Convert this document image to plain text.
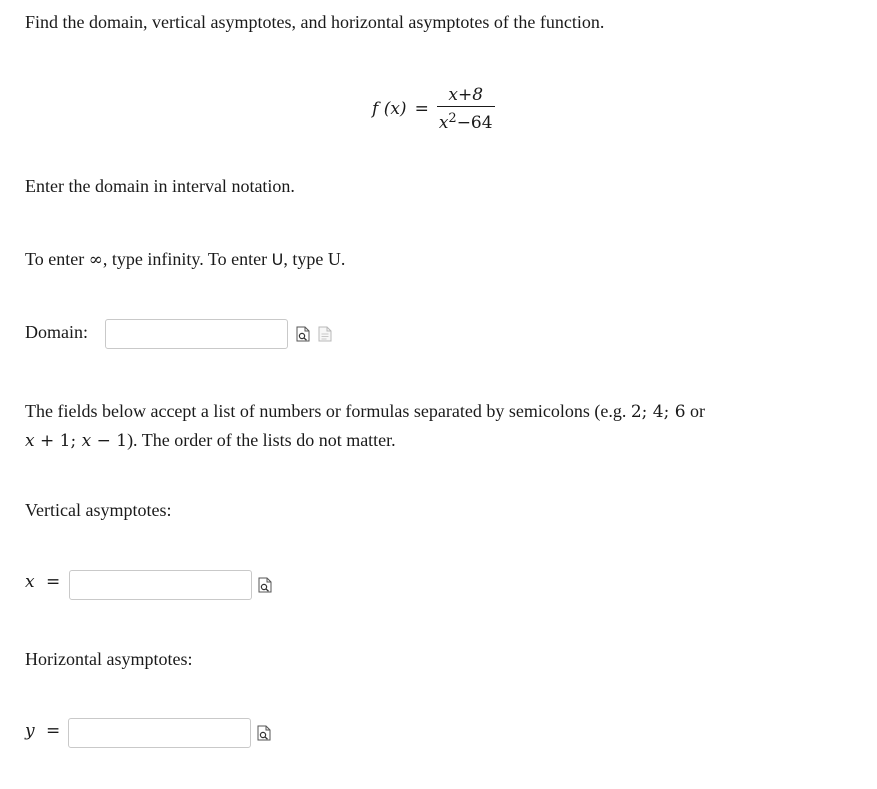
Find the domain, vertical asymptotes, and horizontal asymptotes of the function.
f $(x) = \frac{x+8}{x^2-64}$
Enter the domain in interval notation.
To enter ∞, type infinity. To enter U, type U.
Domain:
The fields below accept a list of numbers or formulas separated by semicolons (e.g. 2; 4; 6 or
x + 1; x − 1). The order of the lists do not matter.
Vertical asymptotes:
x =
Horizontal asymptotes:
y =
